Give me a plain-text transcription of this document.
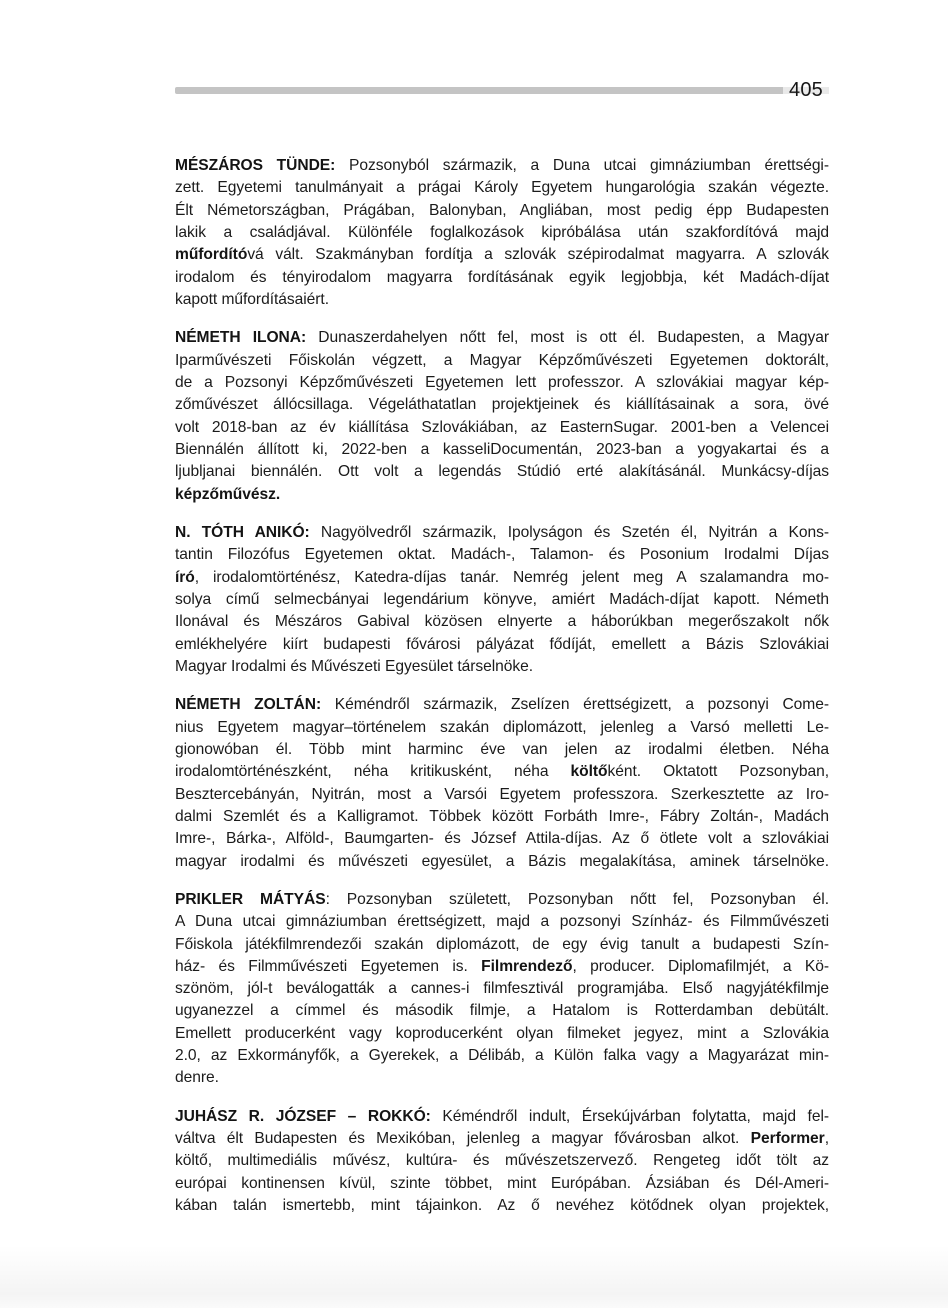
405
MÉSZÁROS TÜNDE: Pozsonyból származik, a Duna utcai gimnáziumban érettségi-
zett. Egyetemi tanulmányait a prágai Károly Egyetem hungarológia szakán végezte.
Élt Németországban, Prágában, Balonyban, Angliában, most pedig épp Budapesten
lakik a családjával. Különféle foglalkozások kipróbálása után szakfordítóvá majd
műfordítóvá vált. Szakmányban fordítja a szlovák szépirodalmat magyarra. A szlovák
irodalom és tényirodalom magyarra fordításának egyik legjobbja, két Madách-díjat
kapott műfordításaiért.
NÉMETH ILONA: Dunaszerdahelyen nőtt fel, most is ott él. Budapesten, a Magyar
Iparművészeti Főiskolán végzett, a Magyar Képzőművészeti Egyetemen doktorált,
de a Pozsonyi Képzőművészeti Egyetemen lett professzor. A szlovákiai magyar kép-
zőművészet állócsillaga. Végeláthatatlan projektjeinek és kiállításainak a sora, övé
volt 2018-ban az év kiállítása Szlovákiában, az EasternSugar. 2001-ben a Velencei
Biennálén állított ki, 2022-ben a kasseliDocumentán, 2023-ban a yogyakartai és a
ljubljanai biennálén. Ott volt a legendás Stúdió erté alakításánál. Munkácsy-díjas
képzőművész.
N. TÓTH ANIKÓ: Nagyölvedről származik, Ipolyságon és Szetén él, Nyitrán a Kons-
tantin Filozófus Egyetemen oktat. Madách-, Talamon- és Posonium Irodalmi Díjas
író, irodalomtörténész, Katedra-díjas tanár. Nemrég jelent meg A szalamandra mo-
solya című selmecbányai legendárium könyve, amiért Madách-díjat kapott. Németh
Ilonával és Mészáros Gabival közösen elnyerte a háborúkban megerőszakolt nők
emlékhelyére kiírt budapesti fővárosi pályázat fődíját, emellett a Bázis Szlovákiai
Magyar Irodalmi és Művészeti Egyesület társelnöke.
NÉMETH ZOLTÁN: Kéméndről származik, Zselízen érettségizett, a pozsonyi Come-
nius Egyetem magyar–történelem szakán diplomázott, jelenleg a Varsó melletti Le-
gionowóban él. Több mint harminc éve van jelen az irodalmi életben. Néha
irodalomtörténészként, néha kritikusként, néha költőként. Oktatott Pozsonyban,
Besztercebányán, Nyitrán, most a Varsói Egyetem professzora. Szerkesztette az Iro-
dalmi Szemlét és a Kalligramot. Többek között Forbáth Imre-, Fábry Zoltán-, Madách
Imre-, Bárka-, Alföld-, Baumgarten- és József Attila-díjas. Az ő ötlete volt a szlovákiai
magyar irodalmi és művészeti egyesület, a Bázis megalakítása, aminek társelnöke.
PRIKLER MÁTYÁS: Pozsonyban született, Pozsonyban nőtt fel, Pozsonyban él.
A Duna utcai gimnáziumban érettségizett, majd a pozsonyi Színház- és Filmművészeti
Főiskola játékfilmrendezői szakán diplomázott, de egy évig tanult a budapesti Szín-
ház- és Filmművészeti Egyetemen is. Filmrendező, producer. Diplomafilmjét, a Kö-
szönöm, jól-t beválogatták a cannes-i filmfesztivál programjába. Első nagyjátékfilmje
ugyanezzel a címmel és második filmje, a Hatalom is Rotterdamban debütált.
Emellett producerként vagy koproducerként olyan filmeket jegyez, mint a Szlovákia
2.0, az Exkormányfők, a Gyerekek, a Délibáb, a Külön falka vagy a Magyarázat min-
denre.
JUHÁSZ R. JÓZSEF – ROKKÓ: Kéméndről indult, Érsekújvárban folytatta, majd fel-
váltva élt Budapesten és Mexikóban, jelenleg a magyar fővárosban alkot. Performer,
költő, multimediális művész, kultúra- és művészetszervező. Rengeteg időt tölt az
európai kontinensen kívül, szinte többet, mint Európában. Ázsiában és Dél-Ameri-
kában talán ismertebb, mint tájainkon. Az ő nevéhez kötődnek olyan projektek,
